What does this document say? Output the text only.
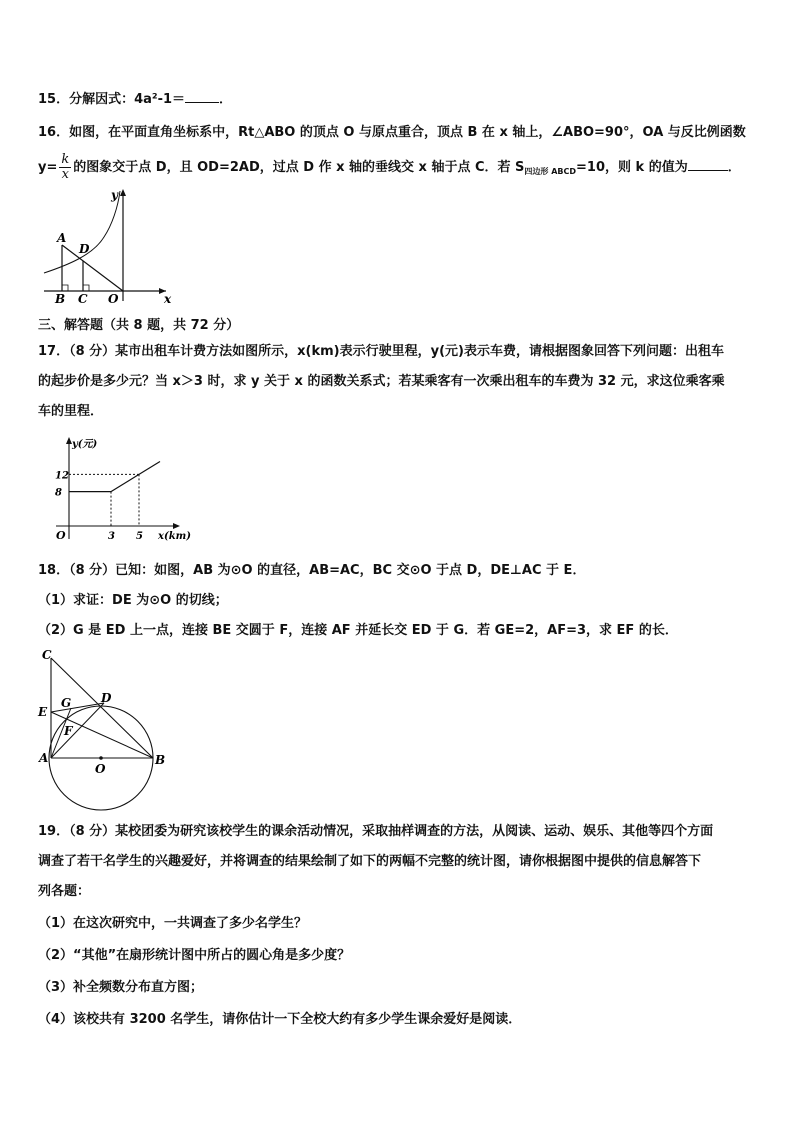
15．分解因式：4a²-1＝	．
16．如图，在平面直角坐标系中，Rt△ABO 的顶点 O 与原点重合，顶点 B 在 x 轴上，∠ABO=90°，OA 与反比例函数
$y= \frac{k}{x}$ 的图象交于点 D，且 OD=2AD，过点 D 作 x 轴的垂线交 x 轴于点 C．若 $S_{四边形 ABCD}=10$，则 k 的值为	．
y
x
A
D
B C O
三、解答题（共 8 题，共 72 分）
17．（8 分）某市出租车计费方法如图所示，x(km)表示行驶里程，y(元)表示车费，请根据图象回答下列问题：出租车
的起步价是多少元？当 x＞3 时，求 y 关于 x 的函数关系式；若某乘客有一次乘出租车的车费为 32 元，求这位乘客乘
车的里程．
3 5
8
12
y(元)
x(km)
O
18．（8 分）已知：如图，AB 为⊙O 的直径，AB=AC，BC 交⊙O 于点 D，DE⊥AC 于 E．
（1）求证：DE 为⊙O 的切线；
（2）G 是 ED 上一点，连接 BE 交圆于 F，连接 AF 并延长交 ED 于 G．若 GE=2，AF=3，求 EF 的长．
C
D
E
G
F
A
O
B
19．（8 分）某校团委为研究该校学生的课余活动情况，采取抽样调查的方法，从阅读、运动、娱乐、其他等四个方面
调查了若干名学生的兴趣爱好，并将调查的结果绘制了如下的两幅不完整的统计图，请你根据图中提供的信息解答下
列各题：
（1）在这次研究中，一共调查了多少名学生？
（2）“其他”在扇形统计图中所占的圆心角是多少度？
（3）补全频数分布直方图；
（4）该校共有 3200 名学生，请你估计一下全校大约有多少学生课余爱好是阅读．
